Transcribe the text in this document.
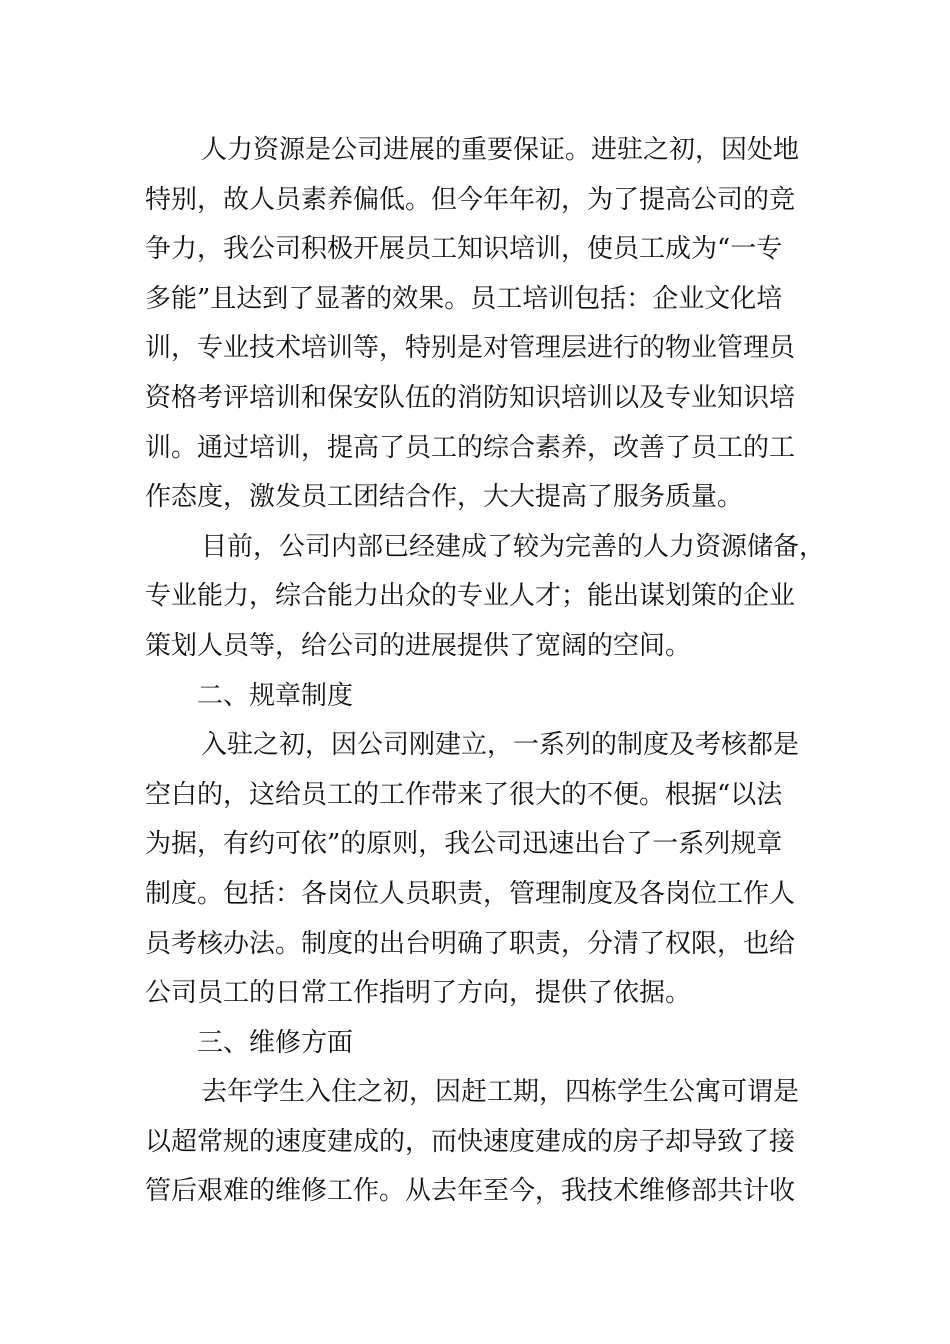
人力资源是公司进展的重要保证。进驻之初，因处地
特别，故人员素养偏低。但今年年初，为了提高公司的竞
争力，我公司积极开展员工知识培训，使员工成为“一专
多能”且达到了显著的效果。员工培训包括：企业文化培
训，专业技术培训等，特别是对管理层进行的物业管理员
资格考评培训和保安队伍的消防知识培训以及专业知识培
训。通过培训，提高了员工的综合素养，改善了员工的工
作态度，激发员工团结合作，大大提高了服务质量。
目前，公司内部已经建成了较为完善的人力资源储备，
专业能力，综合能力出众的专业人才；能出谋划策的企业
策划人员等，给公司的进展提供了宽阔的空间。
二、规章制度
入驻之初，因公司刚建立，一系列的制度及考核都是
空白的，这给员工的工作带来了很大的不便。根据“以法
为据，有约可依”的原则，我公司迅速出台了一系列规章
制度。包括：各岗位人员职责，管理制度及各岗位工作人
员考核办法。制度的出台明确了职责，分清了权限，也给
公司员工的日常工作指明了方向，提供了依据。
三、维修方面
去年学生入住之初，因赶工期，四栋学生公寓可谓是
以超常规的速度建成的，而快速度建成的房子却导致了接
管后艰难的维修工作。从去年至今，我技术维修部共计收
